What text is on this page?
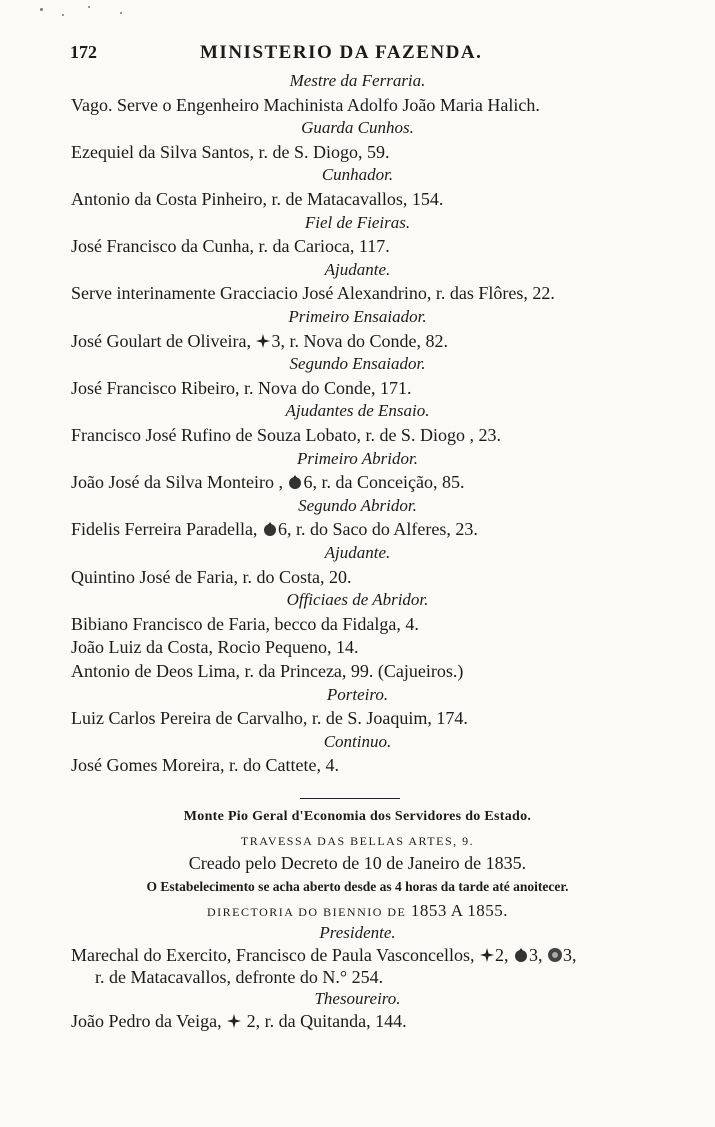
172	MINISTERIO DA FAZENDA.
Mestre da Ferraria.
Vago. Serve o Engenheiro Machinista Adolfo João Maria Halich.
Guarda Cunhos.
Ezequiel da Silva Santos, r. de S. Diogo, 59.
Cunhador.
Antonio da Costa Pinheiro, r. de Matacavallos, 154.
Fiel de Fieiras.
José Francisco da Cunha, r. da Carioca, 117.
Ajudante.
Serve interinamente Gracciacio José Alexandrino, r. das Flôres, 22.
Primeiro Ensaiador.
José Goulart de Oliveira, 3, r. Nova do Conde, 82.
Segundo Ensaiador.
José Francisco Ribeiro, r. Nova do Conde, 171.
Ajudantes de Ensaio.
Francisco José Rufino de Souza Lobato, r. de S. Diogo , 23.
Primeiro Abridor.
João José da Silva Monteiro , 6, r. da Conceição, 85.
Segundo Abridor.
Fidelis Ferreira Paradella, 6, r. do Saco do Alferes, 23.
Ajudante.
Quintino José de Faria, r. do Costa, 20.
Officiaes de Abridor.
Bibiano Francisco de Faria, becco da Fidalga, 4.
João Luiz da Costa, Rocio Pequeno, 14.
Antonio de Deos Lima, r. da Princeza, 99. (Cajueiros.)
Porteiro.
Luiz Carlos Pereira de Carvalho, r. de S. Joaquim, 174.
Continuo.
José Gomes Moreira, r. do Cattete, 4.
Monte Pio Geral d'Economia dos Servidores do Estado.
TRAVESSA DAS BELLAS ARTES, 9.
Creado pelo Decreto de 10 de Janeiro de 1835.
O Estabelecimento se acha aberto desde as 4 horas da tarde até anoitecer.
DIRECTORIA DO BIENNIO DE 1853 A 1855.
Presidente.
Marechal do Exercito, Francisco de Paula Vasconcellos, 2, 3, 3,
r. de Matacavallos, defronte do N.° 254.
Thesoureiro.
João Pedro da Veiga, 2, r. da Quitanda, 144.
